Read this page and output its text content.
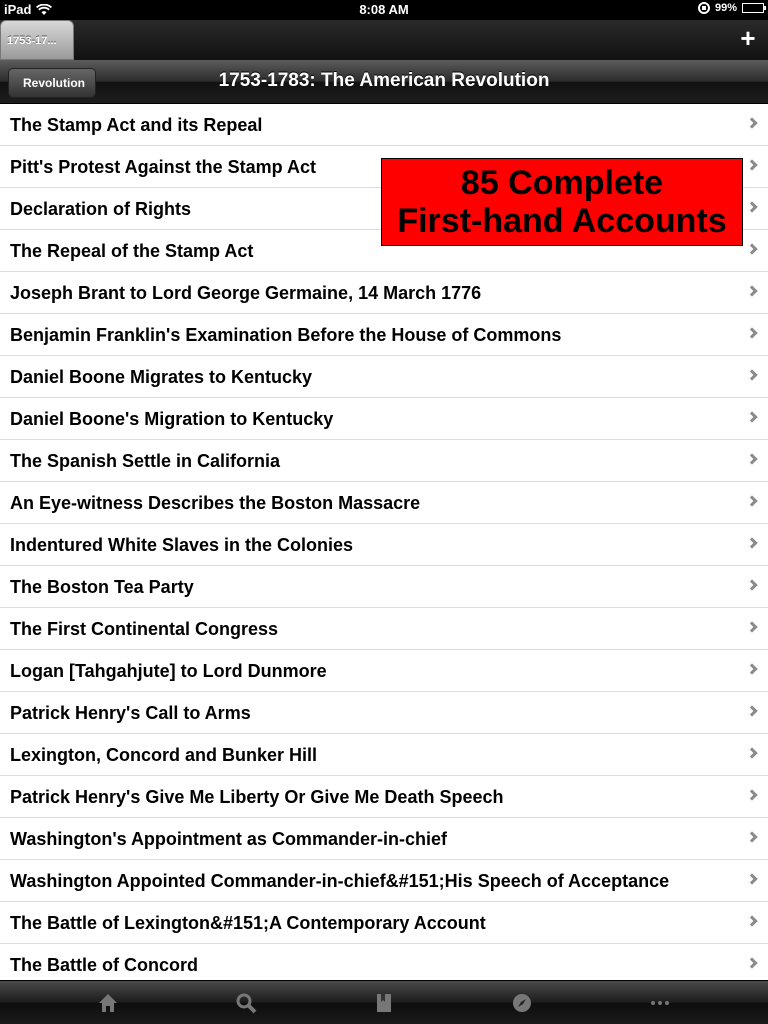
iPad	8:08 AM	99%
1753-17...	+
Revolution	1753-1783: The American Revolution
The Stamp Act and its Repeal
Pitt's Protest Against the Stamp Act
Declaration of Rights
The Repeal of the Stamp Act
Joseph Brant to Lord George Germaine, 14 March 1776
Benjamin Franklin's Examination Before the House of Commons
Daniel Boone Migrates to Kentucky
Daniel Boone's Migration to Kentucky
The Spanish Settle in California
An Eye-witness Describes the Boston Massacre
Indentured White Slaves in the Colonies
The Boston Tea Party
The First Continental Congress
Logan [Tahgahjute] to Lord Dunmore
Patrick Henry's Call to Arms
Lexington, Concord and Bunker Hill
Patrick Henry's Give Me Liberty Or Give Me Death Speech
Washington's Appointment as Commander-in-chief
Washington Appointed Commander-in-chief&#151;His Speech of Acceptance
The Battle of Lexington&#151;A Contemporary Account
The Battle of Concord
85 Complete
First-hand Accounts
